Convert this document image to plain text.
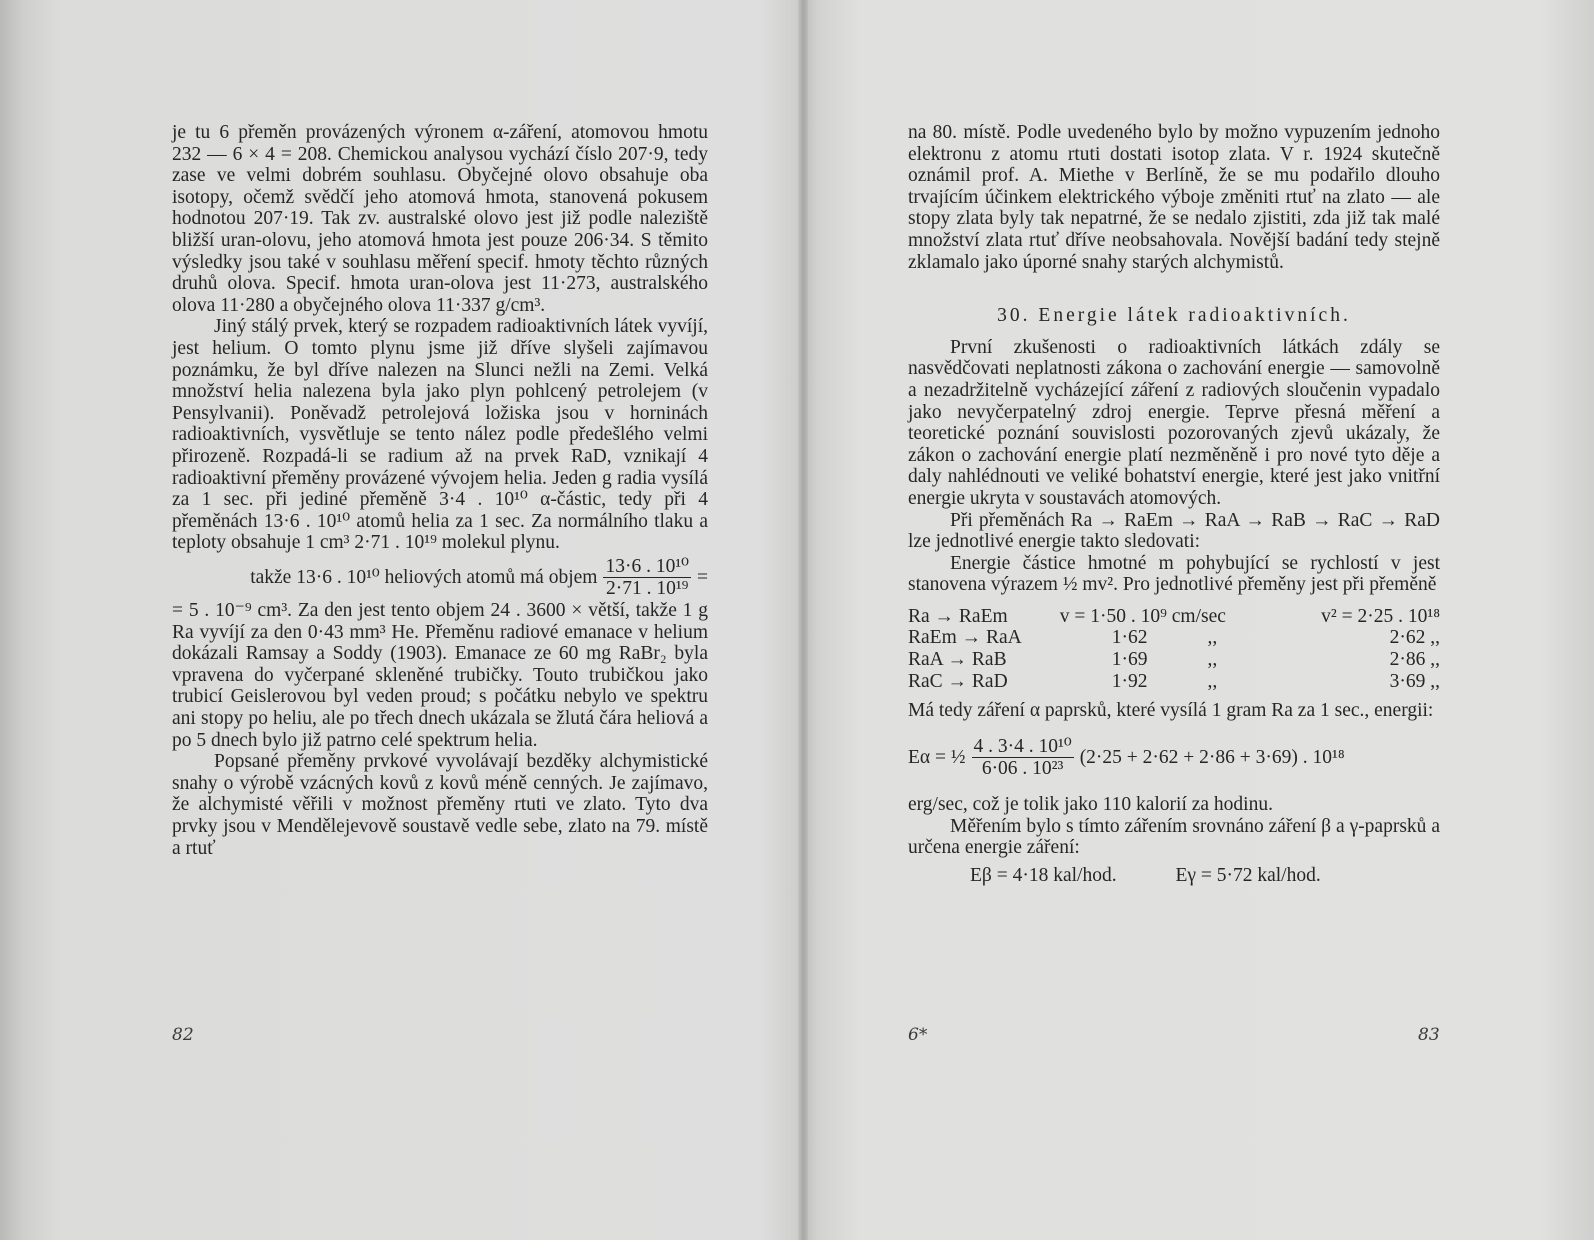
je tu 6 přeměn provázených výronem α-záření, atomovou hmotu 232 — 6 × 4 = 208. Chemickou analysou vychází číslo 207·9, tedy zase ve velmi dobrém souhlasu. Obyčejné olovo obsahuje oba isotopy, očemž svědčí jeho atomová hmota, stanovená pokusem hodnotou 207·19. Tak zv. australské olovo jest již podle naleziště bližší uran-olovu, jeho atomová hmota jest pouze 206·34. S těmito výsledky jsou také v souhlasu měření specif. hmoty těchto různých druhů olova. Specif. hmota uran-olova jest 11·273, australského olova 11·280 a obyčejného olova 11·337 g/cm³.

Jiný stálý prvek, který se rozpadem radioaktivních látek vyvíjí, jest helium. O tomto plynu jsme již dříve slyšeli zajímavou poznámku, že byl dříve nalezen na Slunci nežli na Zemi. Velká množství helia nalezena byla jako plyn pohlcený petrolejem (v Pensylvanii). Poněvadž petrolejová ložiska jsou v horninách radioaktivních, vysvětluje se tento nález podle předešlého velmi přirozeně. Rozpadá-li se radium až na prvek RaD, vznikají 4 radioaktivní přeměny provázené vývojem helia. Jeden g radia vysílá za 1 sec. při jediné přeměně 3·4 . 10¹⁰ α-částic, tedy při 4 přeměnách 13·6 . 10¹⁰ atomů helia za 1 sec. Za normálního tlaku a teploty obsahuje 1 cm³ 2·71 . 10¹⁹ molekul plynu.

takže 13·6 . 10¹⁰ heliových atomů má objem $\frac{\text{13·6 . 10¹⁰}}{\text{2·71 . 10¹⁹}}$ =

= 5 . 10⁻⁹ cm³. Za den jest tento objem 24 . 3600 × větší, takže 1 g Ra vyvíjí za den 0·43 mm³ He. Přeměnu radiové emanace v helium dokázali Ramsay a Soddy (1903). Emanace ze 60 mg RaBr₂ byla vpravena do vyčerpané skleněné trubičky. Touto trubičkou jako trubicí Geislerovou byl veden proud; s počátku nebylo ve spektru ani stopy po heliu, ale po třech dnech ukázala se žlutá čára heliová a po 5 dnech bylo již patrno celé spektrum helia.

Popsané přeměny prvkové vyvolávají bezděky alchymistické snahy o výrobě vzácných kovů z kovů méně cenných. Je zajímavo, že alchymisté věřili v možnost přeměny rtuti ve zlato. Tyto dva prvky jsou v Mendělejevově soustavě vedle sebe, zlato na 79. místě a rtuť

82

na 80. místě. Podle uvedeného bylo by možno vypuzením jednoho elektronu z atomu rtuti dostati isotop zlata. V r. 1924 skutečně oznámil prof. A. Miethe v Berlíně, že se mu podařilo dlouho trvajícím účinkem elektrického výboje změniti rtuť na zlato — ale stopy zlata byly tak nepatrné, že se nedalo zjistiti, zda již tak malé množství zlata rtuť dříve neobsahovala. Novější badání tedy stejně zklamalo jako úporné snahy starých alchymistů.

30. Energie látek radioaktivních.

První zkušenosti o radioaktivních látkách zdály se nasvědčovati neplatnosti zákona o zachování energie — samovolně a nezadržitelně vycházející záření z radiových sloučenin vypadalo jako nevyčerpatelný zdroj energie. Teprve přesná měření a teoretické poznání souvislosti pozorovaných zjevů ukázaly, že zákon o zachování energie platí nezměněně i pro nové tyto děje a daly nahlédnouti ve veliké bohatství energie, které jest jako vnitřní energie ukryta v soustavách atomových.

Při přeměnách Ra → RaEm → RaA → RaB → RaC → RaD lze jednotlivé energie takto sledovati:

Energie částice hmotné m pohybující se rychlostí v jest stanovena výrazem ½ mv². Pro jednotlivé přeměny jest při přeměně

Ra → RaEm	v = 1·50 . 10⁹ cm/sec	v² = 2·25 . 10¹⁸
RaEm → RaA	1·62 ,,	2·62 ,,
RaA → RaB	1·69 ,,	2·86 ,,
RaC → RaD	1·92 ,,	3·69 ,,

Má tedy záření α paprsků, které vysílá 1 gram Ra za 1 sec., energii:

Eα = ½ $\frac{\text{4 . 3·4 . 10¹⁰}}{\text{6·06 . 10²³}} (2\cdot 25 + 2\cdot 62 + 2\cdot 86 + 3\cdot 69)$ . 10¹⁸

erg/sec, což je tolik jako 110 kalorií za hodinu.

Měřením bylo s tímto zářením srovnáno záření β a γ-paprsků a určena energie záření:

Eβ = 4·18 kal/hod.	Eγ = 5·72 kal/hod.
6*	83
